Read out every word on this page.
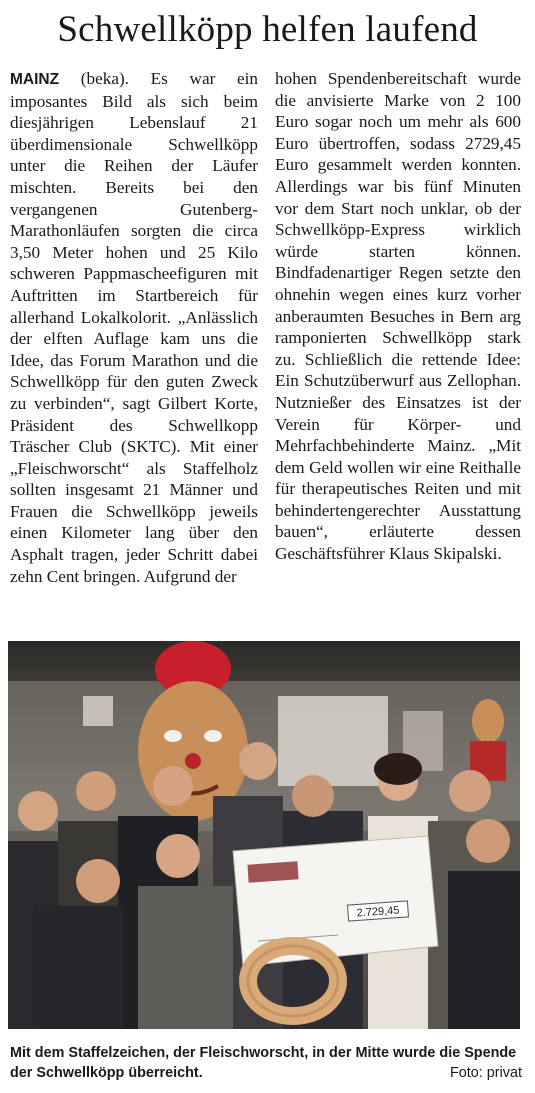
Schwellköpp helfen laufend

MAINZ (beka). Es war ein imposantes Bild als sich beim diesjährigen Lebenslauf 21 überdimensionale Schwellköpp unter die Reihen der Läufer mischten. Bereits bei den vergangenen Gutenberg-Marathonläufen sorgten die circa 3,50 Meter hohen und 25 Kilo schweren Pappmascheefiguren mit Auftritten im Startbereich für allerhand Lokalkolorit. „Anlässlich der elften Auflage kam uns die Idee, das Forum Marathon und die Schwellköpp für den guten Zweck zu verbinden“, sagt Gilbert Korte, Präsident des Schwellkopp Träscher Club (SKTC). Mit einer „Fleischworscht“ als Staffelholz sollten insgesamt 21 Männer und Frauen die Schwellköpp jeweils einen Kilometer lang über den Asphalt tragen, jeder Schritt dabei zehn Cent bringen. Aufgrund der

hohen Spendenbereitschaft wurde die anvisierte Marke von 2 100 Euro sogar noch um mehr als 600 Euro übertroffen, sodass 2729,45 Euro gesammelt werden konnten. Allerdings war bis fünf Minuten vor dem Start noch unklar, ob der Schwellköpp-Express wirklich würde starten können. Bindfadenartiger Regen setzte den ohnehin wegen eines kurz vorher anberaumten Besuches in Bern arg ramponierten Schwellköpp stark zu. Schließlich die rettende Idee: Ein Schutzüberwurf aus Zellophan. Nutznießer des Einsatzes ist der Verein für Körper- und Mehrfachbehinderte Mainz. „Mit dem Geld wollen wir eine Reithalle für therapeutisches Reiten und mit behindertengerechter Ausstattung bauen“, erläuterte dessen Geschäftsführer Klaus Skipalski.

2.729,45
Mit dem Staffelzeichen, der Fleischworscht, in der Mitte wurde die Spende der Schwellköpp überreicht.	Foto: privat
